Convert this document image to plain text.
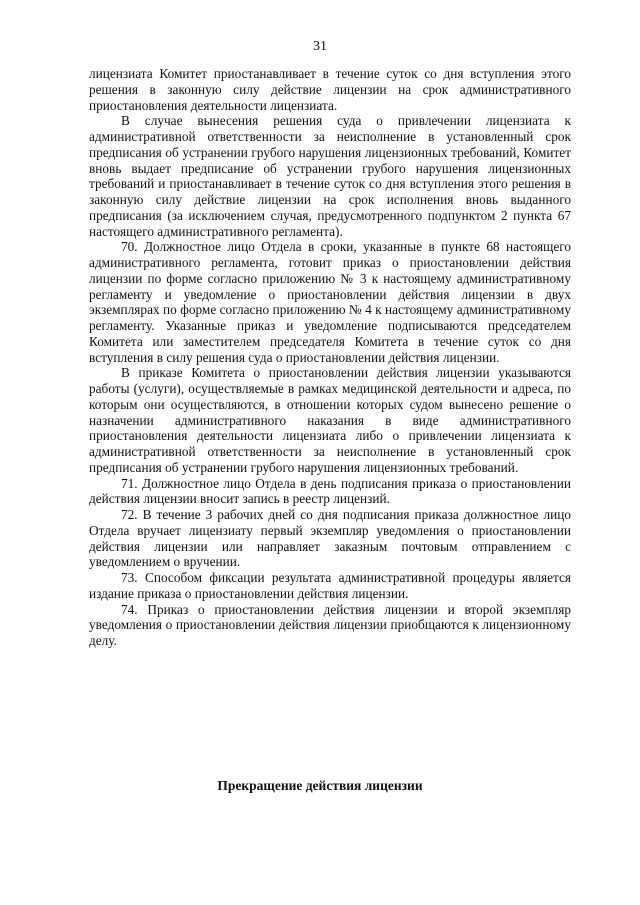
31

лицензиата Комитет приостанавливает в течение суток со дня вступления этого решения в законную силу действие лицензии на срок административного приостановления деятельности лицензиата.

В случае вынесения решения суда о привлечении лицензиата к административной ответственности за неисполнение в установленный срок предписания об устранении грубого нарушения лицензионных требований, Комитет вновь выдает предписание об устранении грубого нарушения лицензионных требований и приостанавливает в течение суток со дня вступления этого решения в законную силу действие лицензии на срок исполнения вновь выданного предписания (за исключением случая, предусмотренного подпунктом 2 пункта 67 настоящего административного регламента).

70. Должностное лицо Отдела в сроки, указанные в пункте 68 настоящего административного регламента, готовит приказ о приостановлении действия лицензии по форме согласно приложению № 3 к настоящему административному регламенту и уведомление о приостановлении действия лицензии в двух экземплярах по форме согласно приложению № 4 к настоящему административному регламенту. Указанные приказ и уведомление подписываются председателем Комитета или заместителем председателя Комитета в течение суток со дня вступления в силу решения суда о приостановлении действия лицензии.

В приказе Комитета о приостановлении действия лицензии указываются работы (услуги), осуществляемые в рамках медицинской деятельности и адреса, по которым они осуществляются, в отношении которых судом вынесено решение о назначении административного наказания в виде административного приостановления деятельности лицензиата либо о привлечении лицензиата к административной ответственности за неисполнение в установленный срок предписания об устранении грубого нарушения лицензионных требований.

71. Должностное лицо Отдела в день подписания приказа о приостановлении действия лицензии вносит запись в реестр лицензий.

72. В течение 3 рабочих дней со дня подписания приказа должностное лицо Отдела вручает лицензиату первый экземпляр уведомления о приостановлении действия лицензии или направляет заказным почтовым отправлением с уведомлением о вручении.

73. Способом фиксации результата административной процедуры является издание приказа о приостановлении действия лицензии.

74. Приказ о приостановлении действия лицензии и второй экземпляр уведомления о приостановлении действия лицензии приобщаются к лицензионному делу.

Прекращение действия лицензии
